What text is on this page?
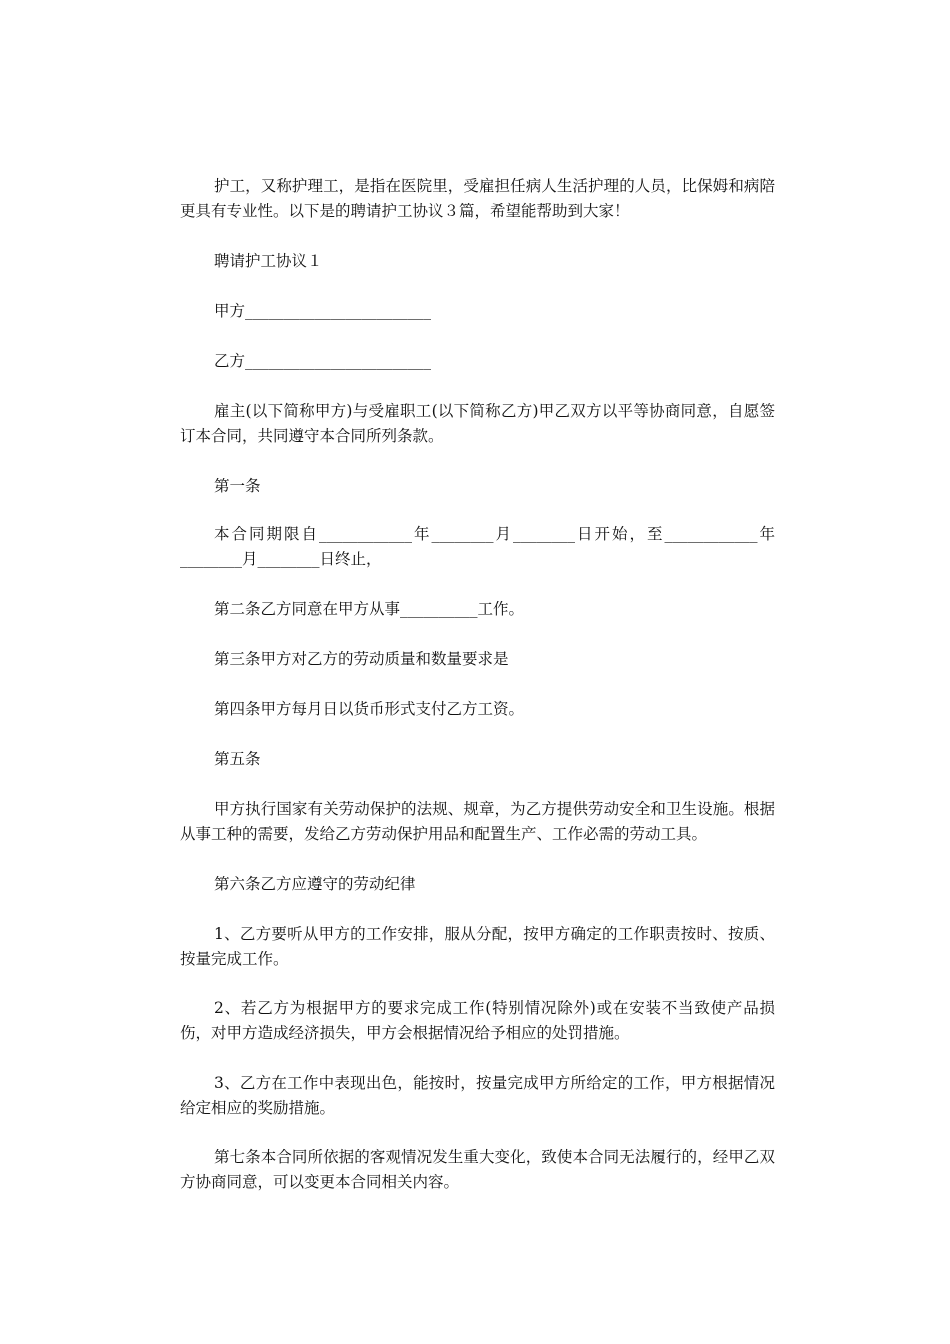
护工，又称护理工，是指在医院里，受雇担任病人生活护理的人员，比保姆和病陪更具有专业性。以下是的聘请护工协议３篇，希望能帮助到大家！

聘请护工协议１

甲方________________________

乙方________________________

雇主(以下简称甲方)与受雇职工(以下简称乙方)甲乙双方以平等协商同意，自愿签订本合同，共同遵守本合同所列条款。

第一条

本合同期限自____________年________月________日开始，至____________年________月________日终止，

第二条乙方同意在甲方从事__________工作。

第三条甲方对乙方的劳动质量和数量要求是

第四条甲方每月日以货币形式支付乙方工资。

第五条

甲方执行国家有关劳动保护的法规、规章，为乙方提供劳动安全和卫生设施。根据从事工种的需要，发给乙方劳动保护用品和配置生产、工作必需的劳动工具。

第六条乙方应遵守的劳动纪律

1、乙方要听从甲方的工作安排，服从分配，按甲方确定的工作职责按时、按质、按量完成工作。

2、若乙方为根据甲方的要求完成工作(特别情况除外)或在安装不当致使产品损伤，对甲方造成经济损失，甲方会根据情况给予相应的处罚措施。

3、乙方在工作中表现出色，能按时，按量完成甲方所给定的工作，甲方根据情况给定相应的奖励措施。

第七条本合同所依据的客观情况发生重大变化，致使本合同无法履行的，经甲乙双方协商同意，可以变更本合同相关内容。
